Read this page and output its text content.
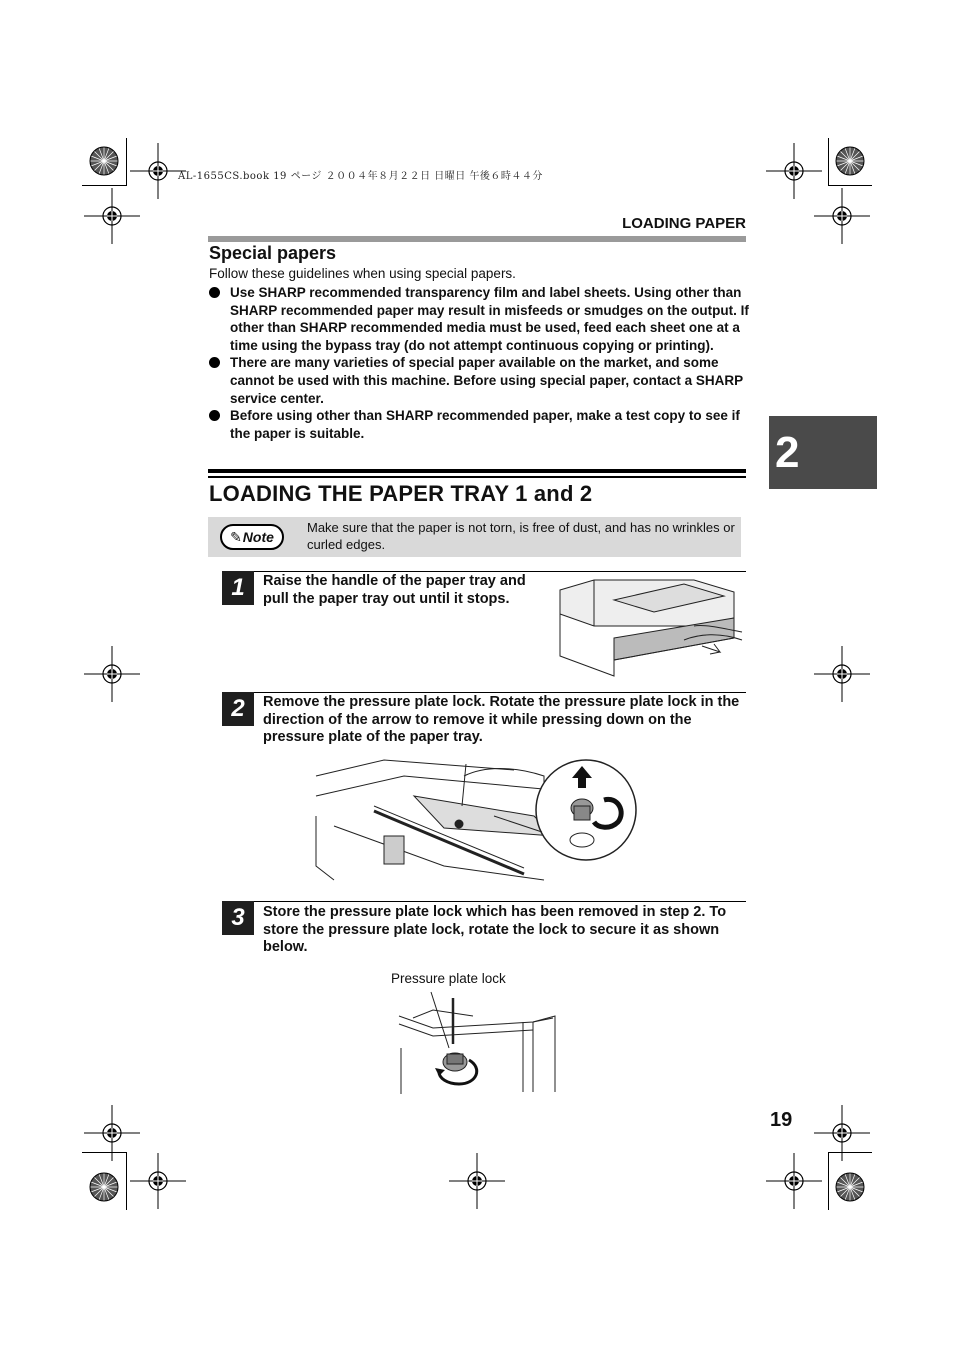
AL-1655CS.book 19 ページ ２００４年８月２２日 日曜日 午後６時４４分
LOADING PAPER
Special papers
Follow these guidelines when using special papers.
Use SHARP recommended transparency film and label sheets. Using other than SHARP recommended paper may result in misfeeds or smudges on the output. If other than SHARP recommended media must be used, feed each sheet one at a time using the bypass tray (do not attempt continuous copying or printing).
There are many varieties of special paper available on the market, and some cannot be used with this machine. Before using special paper, contact a SHARP service center.
Before using other than SHARP recommended paper, make a test copy to see if the paper is suitable.
LOADING THE PAPER TRAY 1 and 2
✎ Note
Make sure that the paper is not torn, is free of dust, and has no wrinkles or curled edges.
1	Raise the handle of the paper tray and pull the paper tray out until it stops.
2	Remove the pressure plate lock. Rotate the pressure plate lock in the direction of the arrow to remove it while pressing down on the pressure plate of the paper tray.
3	Store the pressure plate lock which has been removed in step 2. To store the pressure plate lock, rotate the lock to secure it as shown below.
Pressure plate lock
2
19
